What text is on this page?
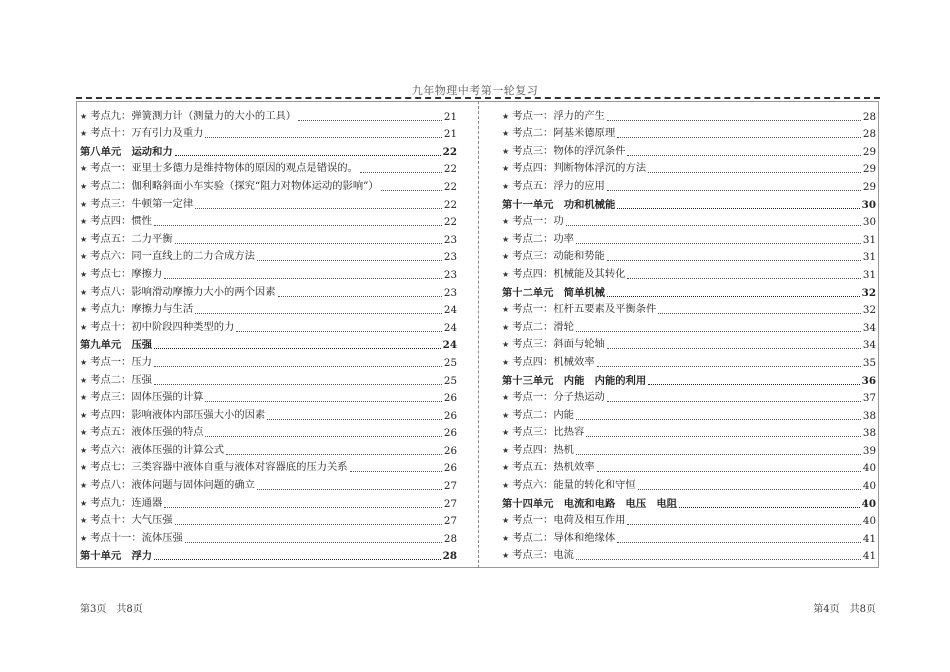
九年物理中考第一轮复习
★ 考点九：弹簧测力计（测量力的大小的工具）	21
★ 考点十：万有引力及重力	21
第八单元　运动和力	22
★ 考点一：亚里士多德力是维持物体的原因的观点是错误的。	22
★ 考点二：伽利略斜面小车实验（探究“阻力对物体运动的影响”）	22
★ 考点三：牛顿第一定律	22
★ 考点四：惯性	22
★ 考点五：二力平衡	23
★ 考点六：同一直线上的二力合成方法	23
★ 考点七：摩擦力	23
★ 考点八：影响滑动摩擦力大小的两个因素	23
★ 考点九：摩擦力与生活	24
★ 考点十：初中阶段四种类型的力	24
第九单元　压强	24
★ 考点一：压力	25
★ 考点二：压强	25
★ 考点三：固体压强的计算	26
★ 考点四：影响液体内部压强大小的因素	26
★ 考点五：液体压强的特点	26
★ 考点六：液体压强的计算公式	26
★ 考点七：三类容器中液体自重与液体对容器底的压力关系	26
★ 考点八：液体问题与固体问题的确立	27
★ 考点九：连通器	27
★ 考点十：大气压强	27
★ 考点十一：流体压强	28
第十单元　浮力	28
★ 考点一：浮力的产生	28
★ 考点二：阿基米德原理	28
★ 考点三：物体的浮沉条件	29
★ 考点四：判断物体浮沉的方法	29
★ 考点五：浮力的应用	29
第十一单元　功和机械能	30
★ 考点一：功	30
★ 考点二：功率	31
★ 考点三：动能和势能	31
★ 考点四：机械能及其转化	31
第十二单元　简单机械	32
★ 考点一：杠杆五要素及平衡条件	32
★ 考点二：滑轮	34
★ 考点三：斜面与轮轴	34
★ 考点四：机械效率	35
第十三单元　内能　内能的利用	36
★ 考点一：分子热运动	37
★ 考点二：内能	38
★ 考点三：比热容	38
★ 考点四：热机	39
★ 考点五：热机效率	40
★ 考点六：能量的转化和守恒	40
第十四单元　电流和电路　电压　电阻	40
★ 考点一：电荷及相互作用	40
★ 考点二：导体和绝缘体	41
★ 考点三：电流	41
第3页　共8页	第4页　共8页
